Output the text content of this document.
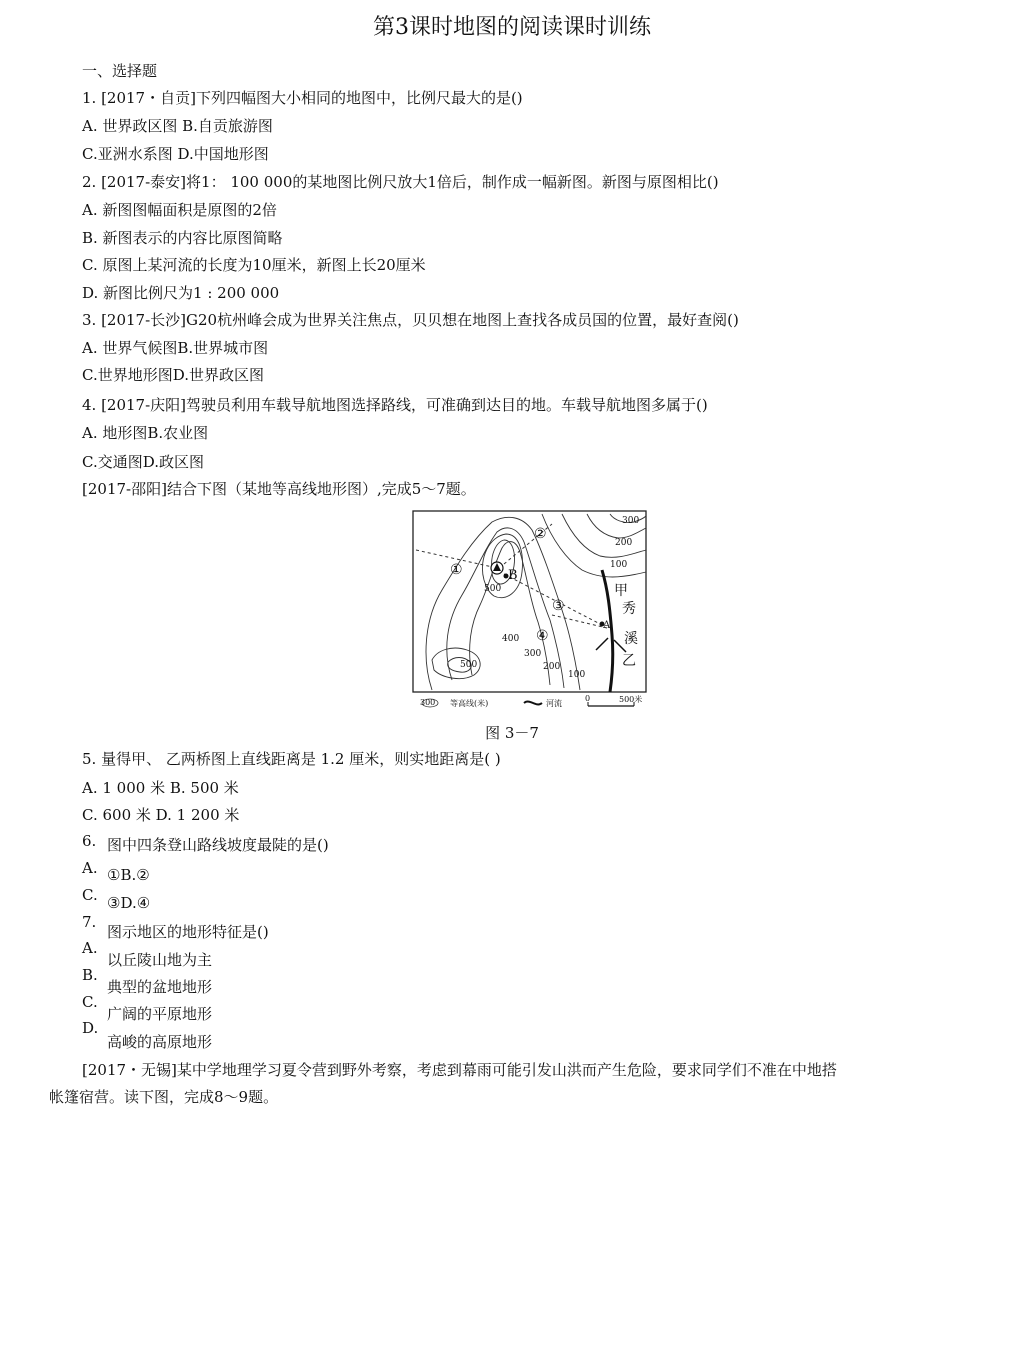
第3课时地图的阅读课时训练
一、选择题
1. [2017・自贡]下列四幅图大小相同的地图中，比例尺最大的是()
A. 世界政区图 B.自贡旅游图
C.亚洲水系图 D.中国地形图
2. [2017-泰安]将1： 100 000的某地图比例尺放大1倍后，制作成一幅新图。新图与原图相比()
A. 新图图幅面积是原图的2倍
B. 新图表示的内容比原图简略
C. 原图上某河流的长度为10厘米，新图上长20厘米
D. 新图比例尺为1 : 200 000
3. [2017-长沙]G20杭州峰会成为世界关注焦点，贝贝想在地图上查找各成员国的位置，最好查阅()
A. 世界气候图B.世界城市图
C.世界地形图D.世界政区图
4. [2017-庆阳]驾驶员利用车载导航地图选择路线，可准确到达目的地。车载导航地图多属于()
A. 地形图B.农业图
C.交通图D.政区图
[2017-邵阳]结合下图（某地等高线地形图）,完成5～7题。
300
200
100
500
400
300
200
100
500
B
A
①
②
③
④
甲
秀
溪
乙
300 等高线(米)	河流
0	500米
图 3－7
5. 量得甲、 乙两桥图上直线距离是 1.2 厘米，则实地距离是( )
A. 1 000 米 B. 500 米
C. 600 米 D. 1 200 米
6. 图中四条登山路线坡度最陡的是()
A. ①B.②
C. ③D.④
7.
图示地区的地形特征是()
A.
以丘陵山地为主
B.
典型的盆地地形
C.
广阔的平原地形
D.
高峻的高原地形
[2017・无锡]某中学地理学习夏令营到野外考察，考虑到幕雨可能引发山洪而产生危险，要求同学们不准在中地搭
帐篷宿营。读下图，完成8～9题。
